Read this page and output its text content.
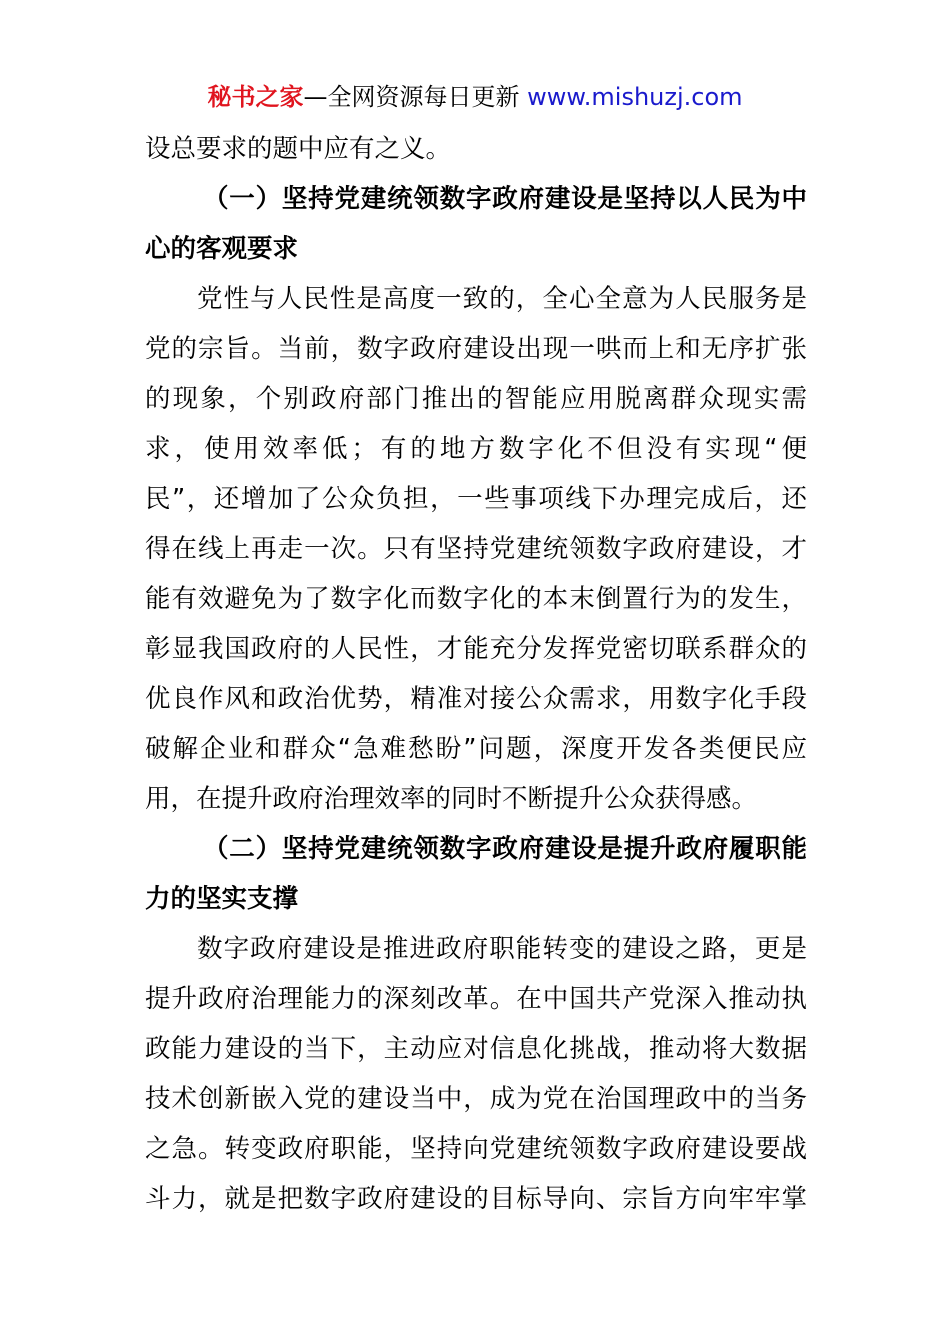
秘书之家—全网资源每日更新 www.mishuzj.com
设总要求的题中应有之义。
（一）坚持党建统领数字政府建设是坚持以人民为中
心的客观要求
党性与人民性是高度一致的，全心全意为人民服务是
党的宗旨。当前，数字政府建设出现一哄而上和无序扩张
的现象，个别政府部门推出的智能应用脱离群众现实需
求，使用效率低；有的地方数字化不但没有实现“便
民”，还增加了公众负担，一些事项线下办理完成后，还
得在线上再走一次。只有坚持党建统领数字政府建设，才
能有效避免为了数字化而数字化的本末倒置行为的发生，
彰显我国政府的人民性，才能充分发挥党密切联系群众的
优良作风和政治优势，精准对接公众需求，用数字化手段
破解企业和群众“急难愁盼”问题，深度开发各类便民应
用，在提升政府治理效率的同时不断提升公众获得感。
（二）坚持党建统领数字政府建设是提升政府履职能
力的坚实支撑
数字政府建设是推进政府职能转变的建设之路，更是
提升政府治理能力的深刻改革。在中国共产党深入推动执
政能力建设的当下，主动应对信息化挑战，推动将大数据
技术创新嵌入党的建设当中，成为党在治国理政中的当务
之急。转变政府职能，坚持向党建统领数字政府建设要战
斗力，就是把数字政府建设的目标导向、宗旨方向牢牢掌
